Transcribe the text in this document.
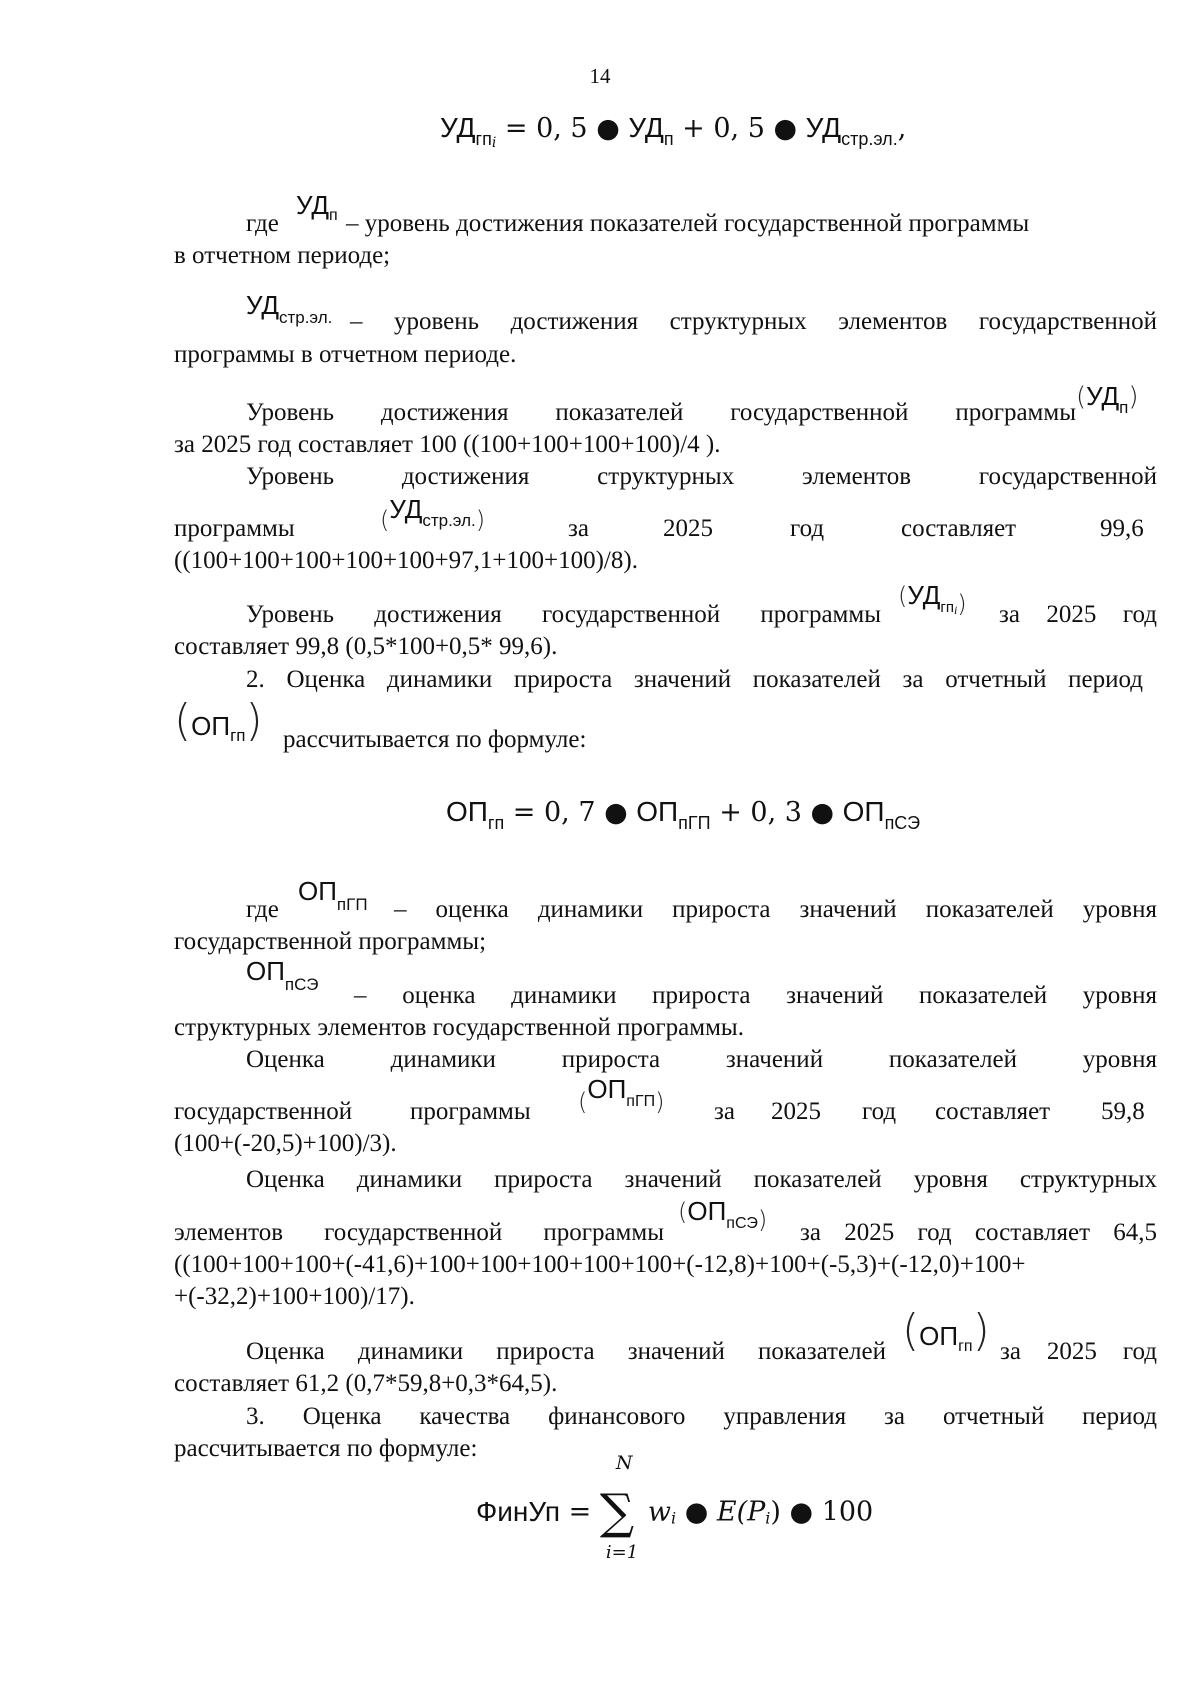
14
$УД_{гпi} = 0$, 5 ● $УД_п + 0$, 5 ● $УД_{стр.эл.}$,
где
УДп – уровень достижения показателей государственной программы
в отчетном периоде;
УДстр.эл. – уровень достижения структурных элементов государственной
программы в отчетном периоде.
Уровень достижения показателей государственной программы
(УДп)
за 2025 год составляет 100 ((100+100+100+100)/4 ).
Уровень достижения структурных элементов государственной
программы	(УДстр.эл.)	за	2025	год	составляет	99,6
((100+100+100+100+100+97,1+100+100)/8).
Уровень достижения государственной программы
(УДгп$_i$) за 2025 год
составляет 99,8 (0,5*100+0,5* 99,6).
2. Оценка динамики прироста значений показателей за отчетный период
(ОПгп) рассчитывается по формуле:
$ОП_{гп} = 0$, 7 ● $ОП_{пГП} + 0$, 3 ● $ОП_{пСЭ}$
где
ОПпГП – оценка динамики прироста значений показателей уровня
государственной программы;
ОПпСЭ – оценка динамики прироста значений показателей уровня
структурных элементов государственной программы.
Оценка динамики прироста значений показателей уровня
государственной программы (ОПпГП) за 2025 год составляет 59,8
(100+(-20,5)+100)/3).
Оценка динамики прироста значений показателей уровня структурных
элементов государственной программы
(ОПпСЭ) за 2025 год составляет 64,5
((100+100+100+(-41,6)+100+100+100+100+100+(-12,8)+100+(-5,3)+(-12,0)+100+
+(-32,2)+100+100)/17).
Оценка динамики прироста значений показателей (ОПгп) за 2025 год
составляет 61,2 (0,7*59,8+0,3*64,5).
3. Оценка качества финансового управления за отчетный период
рассчитывается по формуле:
ФинУп =
N
∑
i=1
wi ● E(Pi) ● 100
